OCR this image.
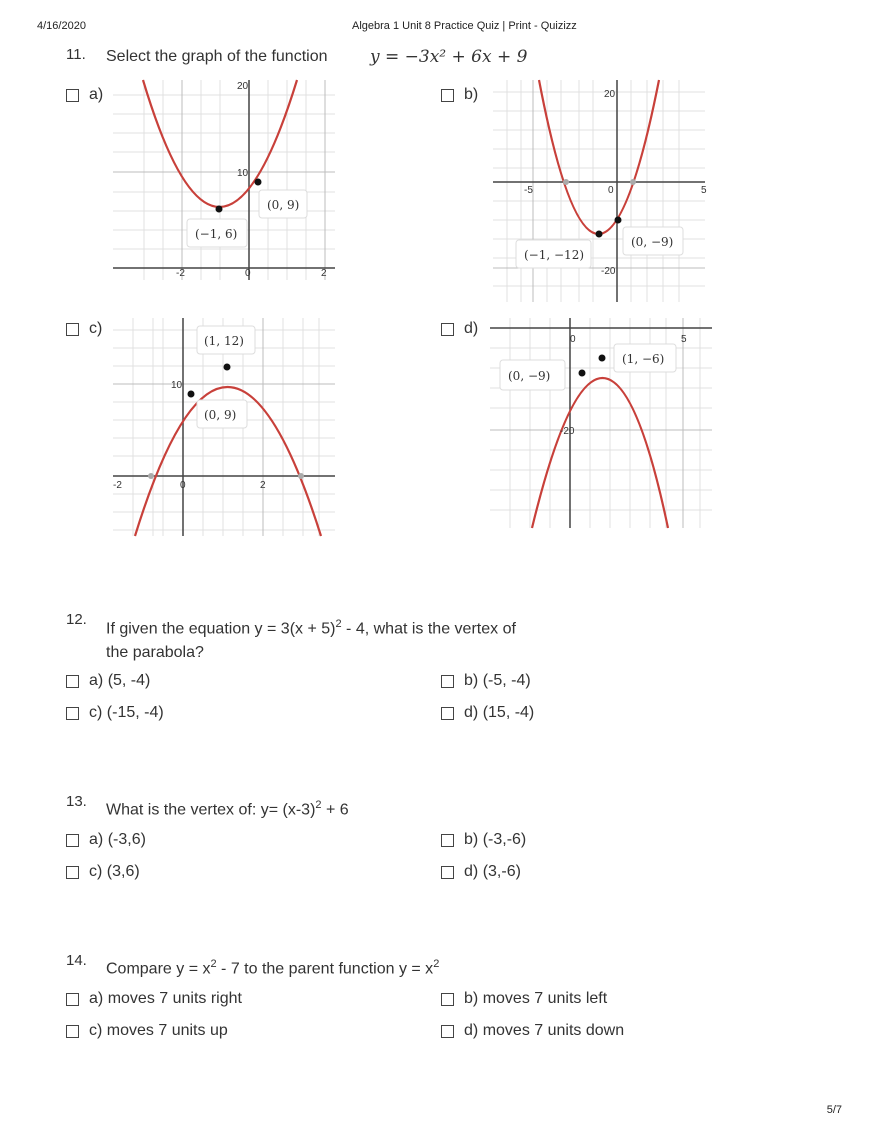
4/16/2020	Algebra 1 Unit 8 Practice Quiz | Print - Quizizz
11. Select the graph of the function	y = −3x² + 6x + 9
a)	20
10
-2	0	2
(0, 9)
(−1, 6)
b)	20
-5	0	5
-20
(0, −9)
(−1, −12)
c)
10
-2	0	2
(1, 12)
(0, 9)
d)
0	5
-20
(1, −6)
(0, −9)
12.
If given the equation $y = 3(x + 5)^2 - 4$, what is the vertex of
the parabola?
a)
(5, -4)	b)
(-5, -4)
c)
(-15, -4)	d)
(15, -4)
13. What is the vertex of: $y= (x-3)^2 + 6$
a)
(-3,6)	b)
(-3,-6)
c)
(3,6)	d)
(3,-6)
14. Compare $y = x^2 - 7$ to the parent function $y = x^2$
a)
moves 7 units right	b)
moves 7 units left
c)
moves 7 units up	d)
moves 7 units down
5/7
